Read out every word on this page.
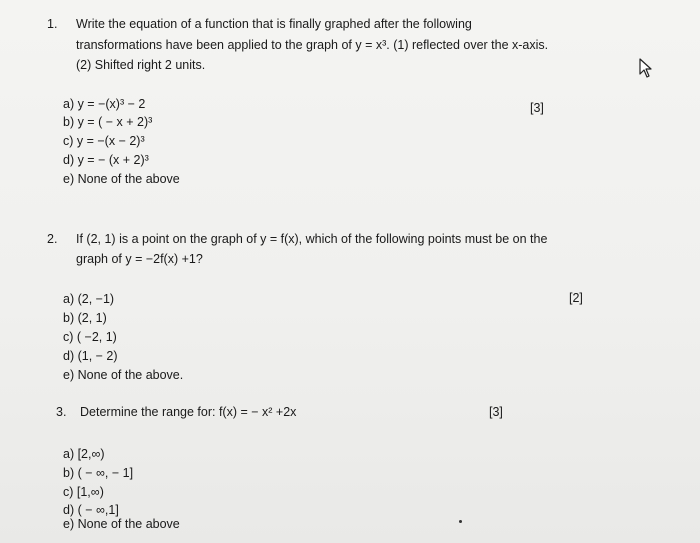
1. Write the equation of a function that is finally graphed after the following
transformations have been applied to the graph of y = x³. (1) reflected over the x-axis.
(2) Shifted right 2 units.
a) y = −(x)³ − 2
b) y = ( − x + 2)³
c) y = −(x − 2)³
d) y = − (x + 2)³
e) None of the above
[3]
2. If (2, 1) is a point on the graph of y = f(x), which of the following points must be on the
graph of y = −2f(x) +1?
a) (2, −1)
b) (2, 1)
c) ( −2, 1)
d) (1, − 2)
e) None of the above.
[2]
3. Determine the range for: f(x) = − x² +2x
a) [2,∞)
b) ( − ∞, − 1]
c) [1,∞)
d) ( − ∞,1]
e) None of the above
[3]
